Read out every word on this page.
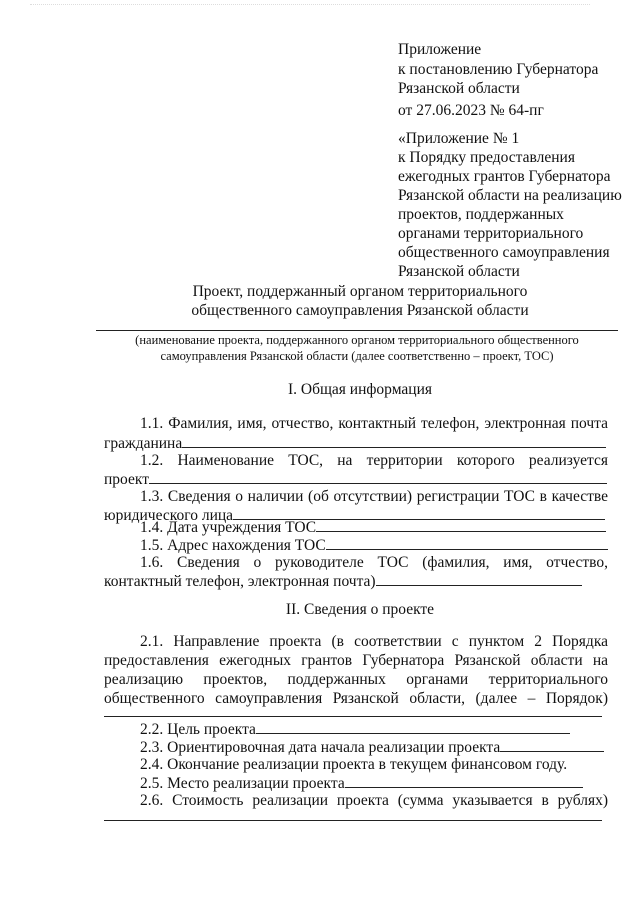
Приложение
к постановлению Губернатора
Рязанской области
от 27.06.2023 № 64-пг
«Приложение № 1
к Порядку предоставления
ежегодных грантов Губернатора
Рязанской области на реализацию
проектов, поддержанных
органами территориального
общественного самоуправления
Рязанской области
Проект, поддержанный органом территориального
общественного самоуправления Рязанской области
(наименование проекта, поддержанного органом территориального общественного
самоуправления Рязанской области (далее соответственно – проект, ТОС)
I. Общая информация
1.1. Фамилия, имя, отчество, контактный телефон, электронная почта
гражданина
1.2. Наименование ТОС, на территории которого реализуется
проект
1.3. Сведения о наличии (об отсутствии) регистрации ТОС в качестве
юридического лица
1.4. Дата учреждения ТОС
1.5. Адрес нахождения ТОС
1.6. Сведения о руководителе ТОС (фамилия, имя, отчество,
контактный телефон, электронная почта)
II. Сведения о проекте
2.1. Направление проекта (в соответствии с пунктом 2 Порядка
предоставления ежегодных грантов Губернатора Рязанской области на
реализацию проектов, поддержанных органами территориального
общественного самоуправления Рязанской области, (далее – Порядок)
2.2. Цель проекта
2.3. Ориентировочная дата начала реализации проекта
2.4. Окончание реализации проекта в текущем финансовом году.
2.5. Место реализации проекта
2.6. Стоимость реализации проекта (сумма указывается в рублях)
